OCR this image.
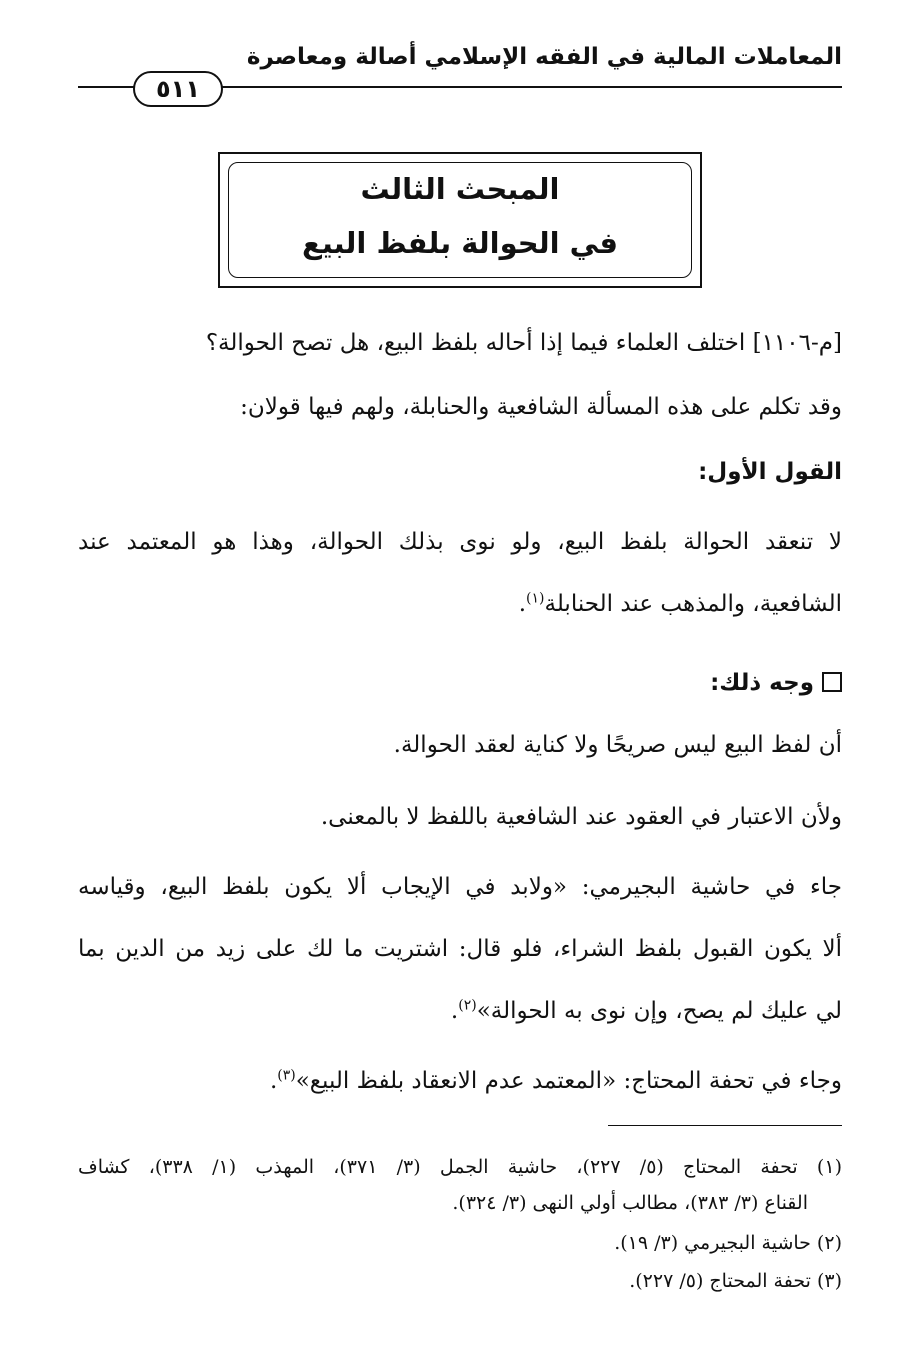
المعاملات المالية في الفقه الإسلامي أصالة ومعاصرة
٥١١
المبحث الثالث
في الحوالة بلفظ البيع
[م-١١٠٦] اختلف العلماء فيما إذا أحاله بلفظ البيع، هل تصح الحوالة؟
وقد تكلم على هذه المسألة الشافعية والحنابلة، ولهم فيها قولان:
القول الأول:
لا تنعقد الحوالة بلفظ البيع، ولو نوى بذلك الحوالة، وهذا هو المعتمد عند
الشافعية، والمذهب عند الحنابلة$^{(١)}$.
وجه ذلك:
أن لفظ البيع ليس صريحًا ولا كناية لعقد الحوالة.
ولأن الاعتبار في العقود عند الشافعية باللفظ لا بالمعنى.
جاء في حاشية البجيرمي: «ولابد في الإيجاب ألا يكون بلفظ البيع، وقياسه
ألا يكون القبول بلفظ الشراء، فلو قال: اشتريت ما لك على زيد من الدين بما
لي عليك لم يصح، وإن نوى به الحوالة»$^{(٢)}$.
وجاء في تحفة المحتاج: «المعتمد عدم الانعقاد بلفظ البيع»$^{(٣)}$.
(١) تحفة المحتاج (٥/ ٢٢٧)، حاشية الجمل (٣/ ٣٧١)، المهذب (١/ ٣٣٨)، كشاف
القناع (٣/ ٣٨٣)، مطالب أولي النهى (٣/ ٣٢٤).
(٢) حاشية البجيرمي (٣/ ١٩).
(٣) تحفة المحتاج (٥/ ٢٢٧).
